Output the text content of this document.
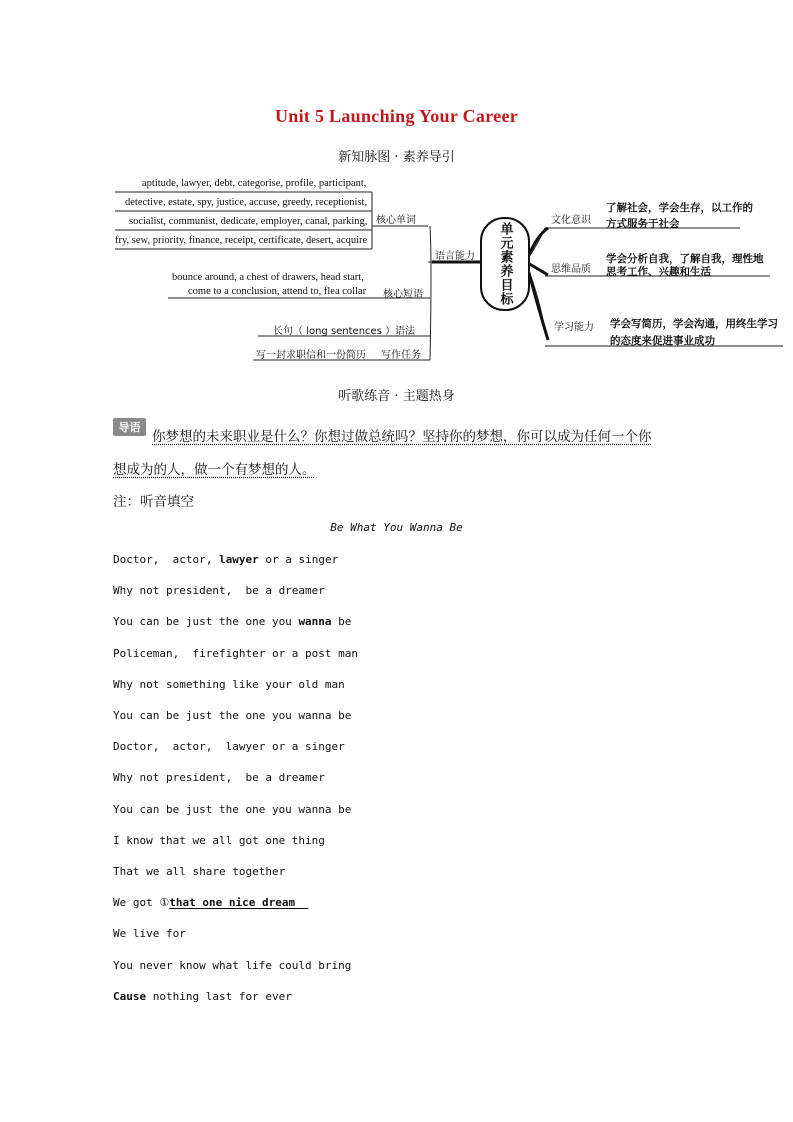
Unit 5 Launching Your Career
新知脉图 · 素养导引
aptitude, lawyer, debt, categorise, profile, participant,
detective, estate, spy, justice, accuse, greedy, receptionist,
socialist, communist, dedicate, employer, canal, parking,
fry, sew, priority, finance, receipt, certificate, desert, acquire
核心单词
bounce around, a chest of drawers, head start,
come to a conclusion, attend to, flea collar 核心短语
语言能力
长句（ long sentences ） 语法
写一封求职信和一份简历 写作任务
单元素养目标
文化意识
了解社会，学会生存，以工作的
方式服务于社会
思维品质
学会分析自我，了解自我，理性地
思考工作、兴趣和生活
学习能力 学会写简历，学会沟通，用终生学习
的态度来促进事业成功
听歌练音 · 主题热身
导语
你梦想的未来职业是什么？你想过做总统吗？坚持你的梦想，你可以成为任何一个你
想成为的人，做一个有梦想的人。
注：听音填空
Be What You Wanna Be
Doctor,  actor, lawyer or a singer
Why not president,  be a dreamer
You can be just the one you wanna be
Policeman,  firefighter or a post man
Why not something like your old man
You can be just the one you wanna be
Doctor,  actor,  lawyer or a singer
Why not president,  be a dreamer
You can be just the one you wanna be
I know that we all got one thing
That we all share together
We got ①that one nice dream
We live for
You never know what life could bring
Cause nothing last for ever
